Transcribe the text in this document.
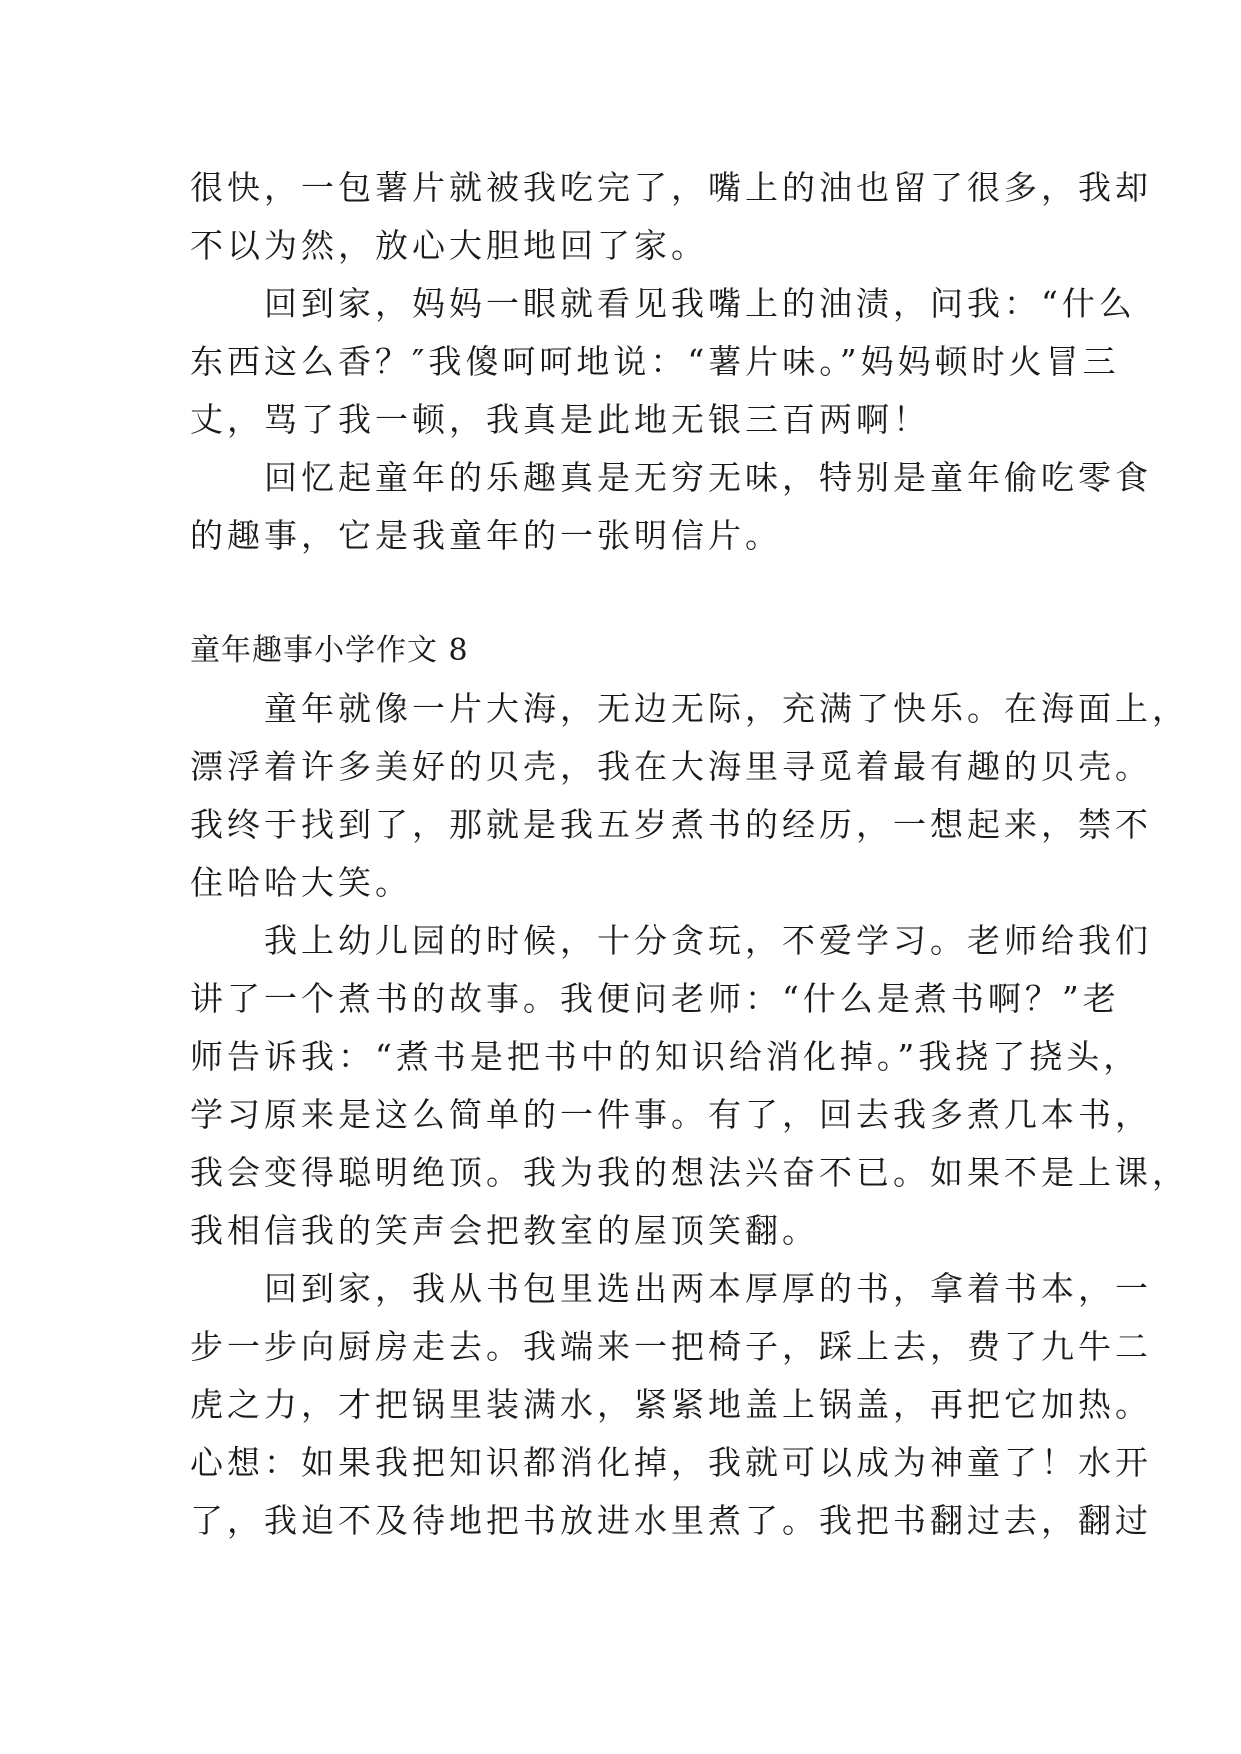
很快，一包薯片就被我吃完了，嘴上的油也留了很多，我却
不以为然，放心大胆地回了家。
　　回到家，妈妈一眼就看见我嘴上的油渍，问我：“什么
东西这么香？″我傻呵呵地说：“薯片味。”妈妈顿时火冒三
丈，骂了我一顿，我真是此地无银三百两啊！
　　回忆起童年的乐趣真是无穷无味，特别是童年偷吃零食
的趣事，它是我童年的一张明信片。
童年趣事小学作文 8
　　童年就像一片大海，无边无际，充满了快乐。在海面上，
漂浮着许多美好的贝壳，我在大海里寻觅着最有趣的贝壳。
我终于找到了，那就是我五岁煮书的经历，一想起来，禁不
住哈哈大笑。
　　我上幼儿园的时候，十分贪玩，不爱学习。老师给我们
讲了一个煮书的故事。我便问老师：“什么是煮书啊？”老
师告诉我：“煮书是把书中的知识给消化掉。”我挠了挠头，
学习原来是这么简单的一件事。有了，回去我多煮几本书，
我会变得聪明绝顶。我为我的想法兴奋不已。如果不是上课，
我相信我的笑声会把教室的屋顶笑翻。
　　回到家，我从书包里选出两本厚厚的书，拿着书本，一
步一步向厨房走去。我端来一把椅子，踩上去，费了九牛二
虎之力，才把锅里装满水，紧紧地盖上锅盖，再把它加热。
心想：如果我把知识都消化掉，我就可以成为神童了！水开
了，我迫不及待地把书放进水里煮了。我把书翻过去，翻过
